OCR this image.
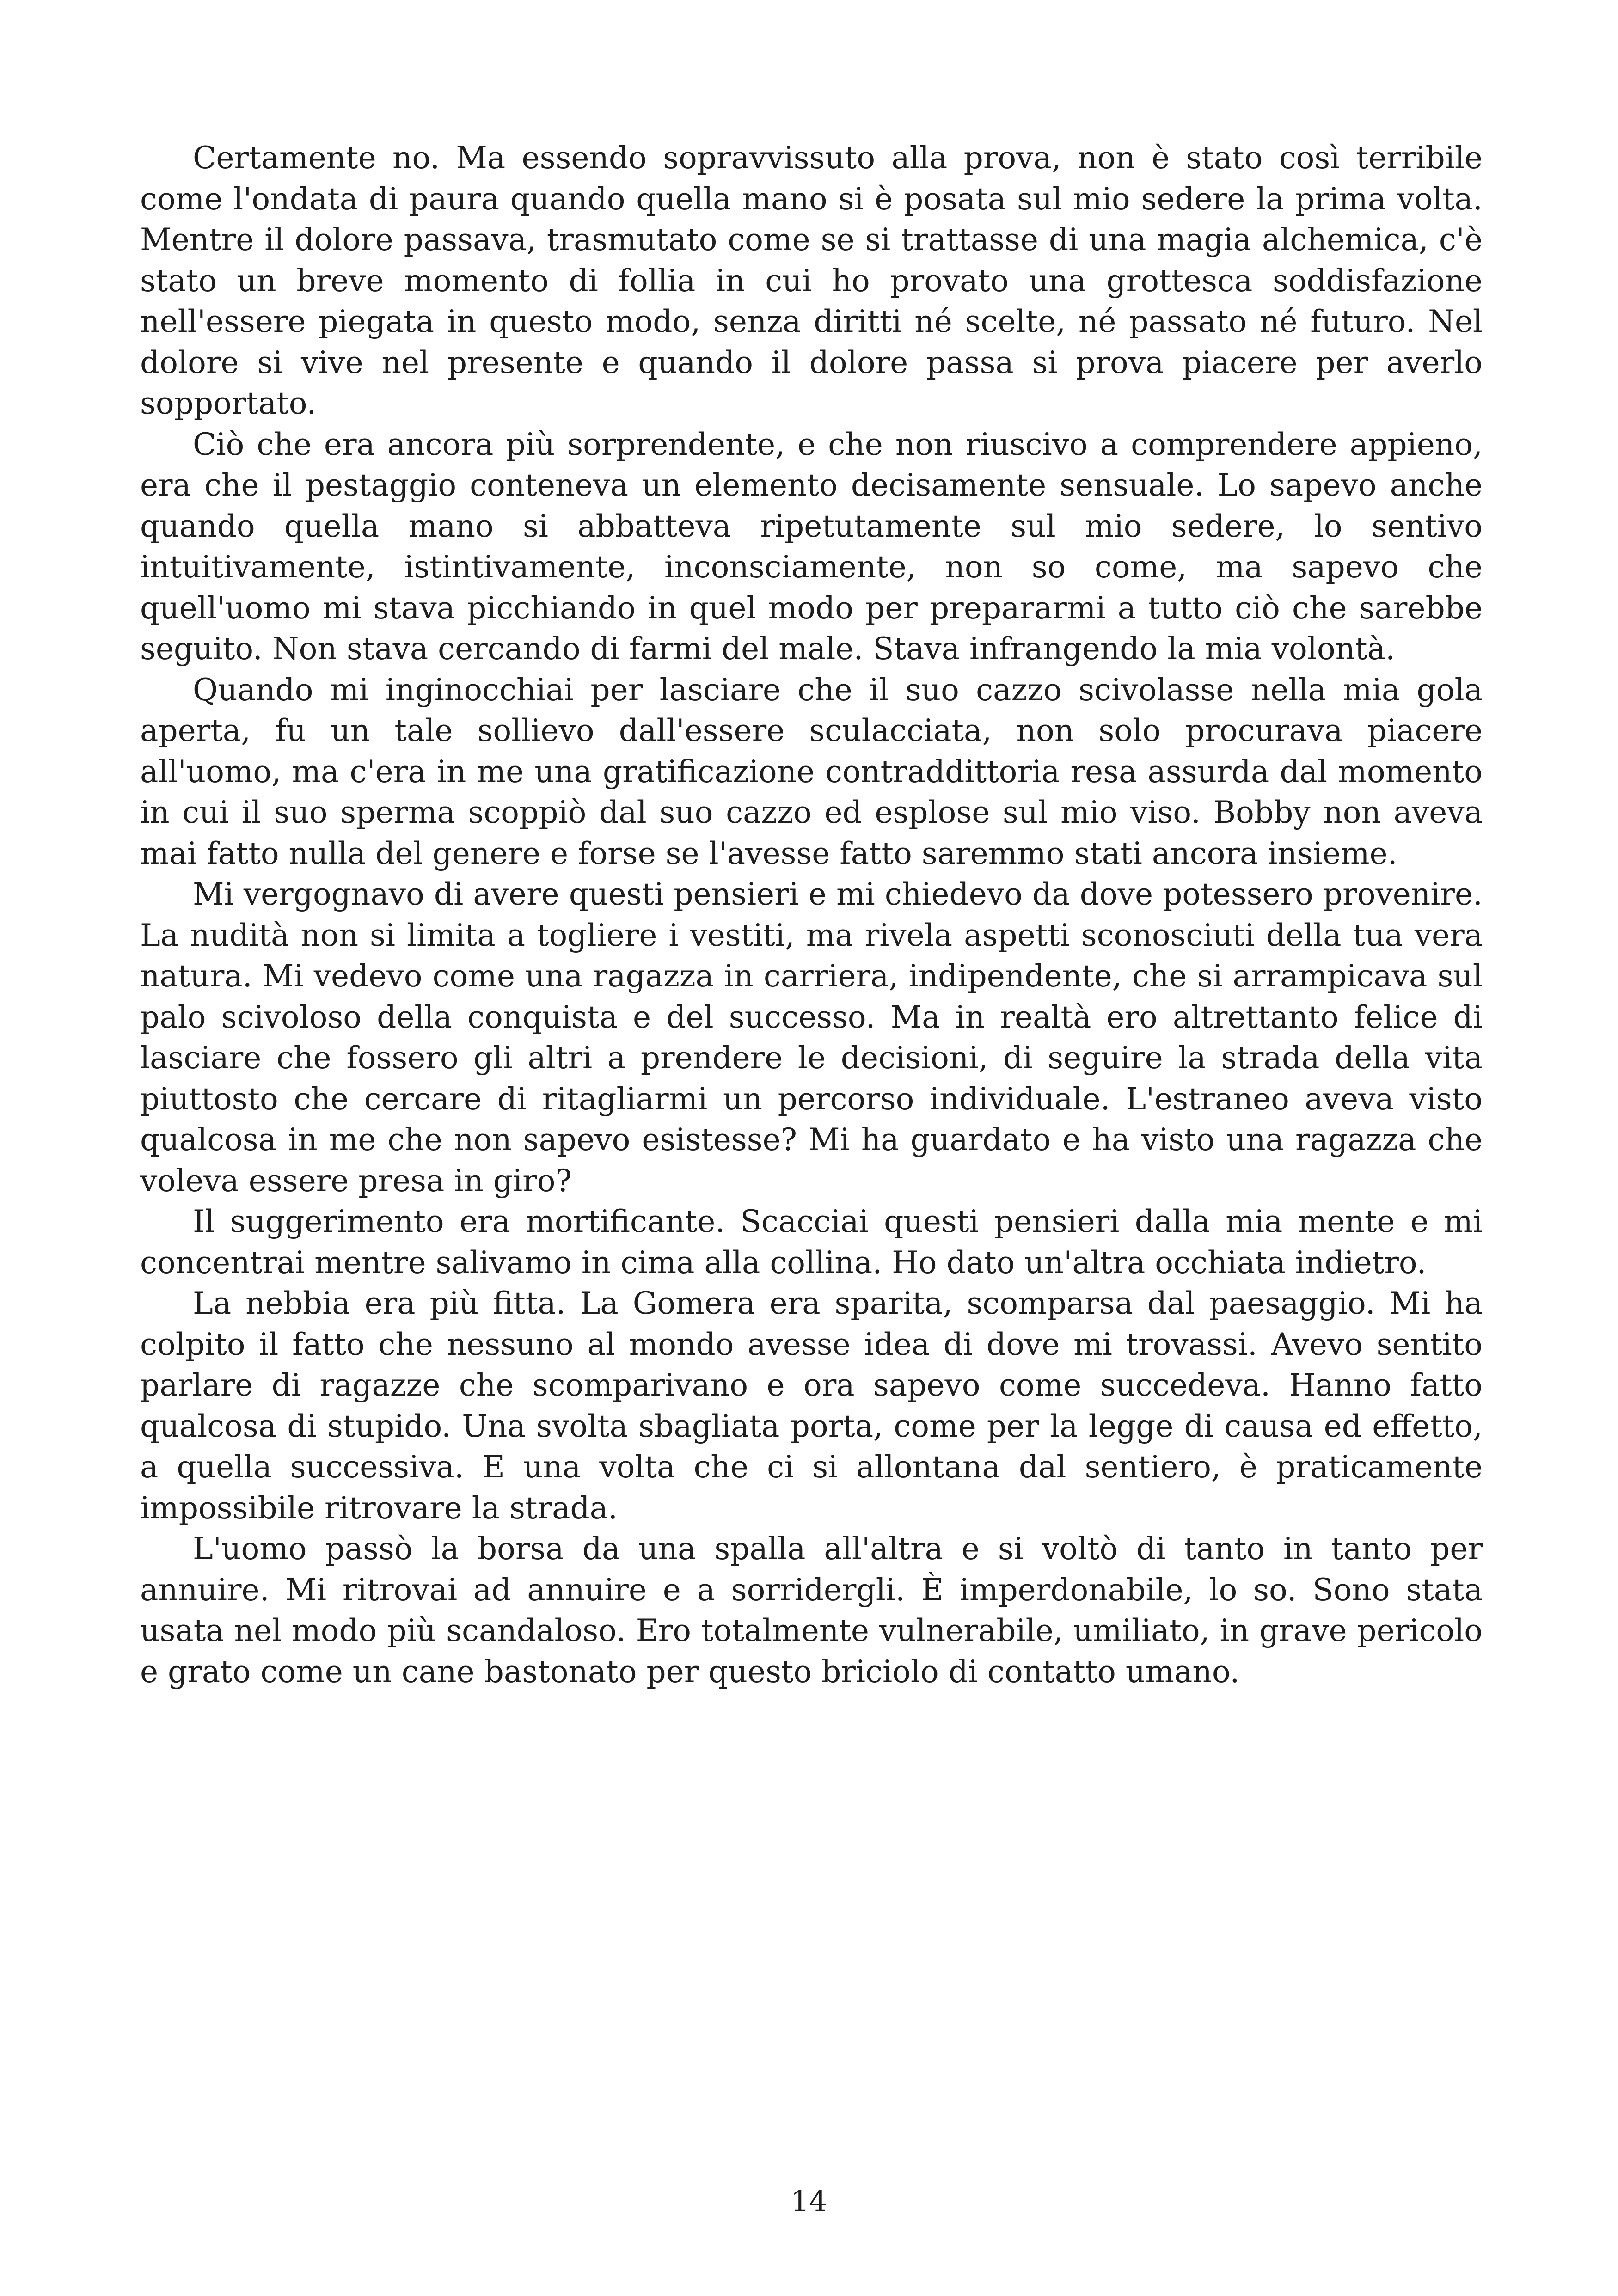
Certamente no. Ma essendo sopravvissuto alla prova, non è stato così terribile come l'ondata di paura quando quella mano si è posata sul mio sedere la prima volta. Mentre il dolore passava, trasmutato come se si trattasse di una magia alchemica, c'è stato un breve momento di follia in cui ho provato una grottesca soddisfazione nell'essere piegata in questo modo, senza diritti né scelte, né passato né futuro. Nel dolore si vive nel presente e quando il dolore passa si prova piacere per averlo sopportato.

Ciò che era ancora più sorprendente, e che non riuscivo a comprendere appieno, era che il pestaggio conteneva un elemento decisamente sensuale. Lo sapevo anche quando quella mano si abbatteva ripetutamente sul mio sedere, lo sentivo intuitivamente, istintivamente, inconsciamente, non so come, ma sapevo che quell'uomo mi stava picchiando in quel modo per prepararmi a tutto ciò che sarebbe seguito. Non stava cercando di farmi del male. Stava infrangendo la mia volontà.

Quando mi inginocchiai per lasciare che il suo cazzo scivolasse nella mia gola aperta, fu un tale sollievo dall'essere sculacciata, non solo procurava piacere all'uomo, ma c'era in me una gratificazione contraddittoria resa assurda dal momento in cui il suo sperma scoppiò dal suo cazzo ed esplose sul mio viso. Bobby non aveva mai fatto nulla del genere e forse se l'avesse fatto saremmo stati ancora insieme.

Mi vergognavo di avere questi pensieri e mi chiedevo da dove potessero provenire. La nudità non si limita a togliere i vestiti, ma rivela aspetti sconosciuti della tua vera natura. Mi vedevo come una ragazza in carriera, indipendente, che si arrampicava sul palo scivoloso della conquista e del successo. Ma in realtà ero altrettanto felice di lasciare che fossero gli altri a prendere le decisioni, di seguire la strada della vita piuttosto che cercare di ritagliarmi un percorso individuale. L'estraneo aveva visto qualcosa in me che non sapevo esistesse? Mi ha guardato e ha visto una ragazza che voleva essere presa in giro?

Il suggerimento era mortificante. Scacciai questi pensieri dalla mia mente e mi concentrai mentre salivamo in cima alla collina. Ho dato un'altra occhiata indietro.

La nebbia era più fitta. La Gomera era sparita, scomparsa dal paesaggio. Mi ha colpito il fatto che nessuno al mondo avesse idea di dove mi trovassi. Avevo sentito parlare di ragazze che scomparivano e ora sapevo come succedeva. Hanno fatto qualcosa di stupido. Una svolta sbagliata porta, come per la legge di causa ed effetto, a quella successiva. E una volta che ci si allontana dal sentiero, è praticamente impossibile ritrovare la strada.

L'uomo passò la borsa da una spalla all'altra e si voltò di tanto in tanto per annuire. Mi ritrovai ad annuire e a sorridergli. È imperdonabile, lo so. Sono stata usata nel modo più scandaloso. Ero totalmente vulnerabile, umiliato, in grave pericolo e grato come un cane bastonato per questo briciolo di contatto umano.

14
